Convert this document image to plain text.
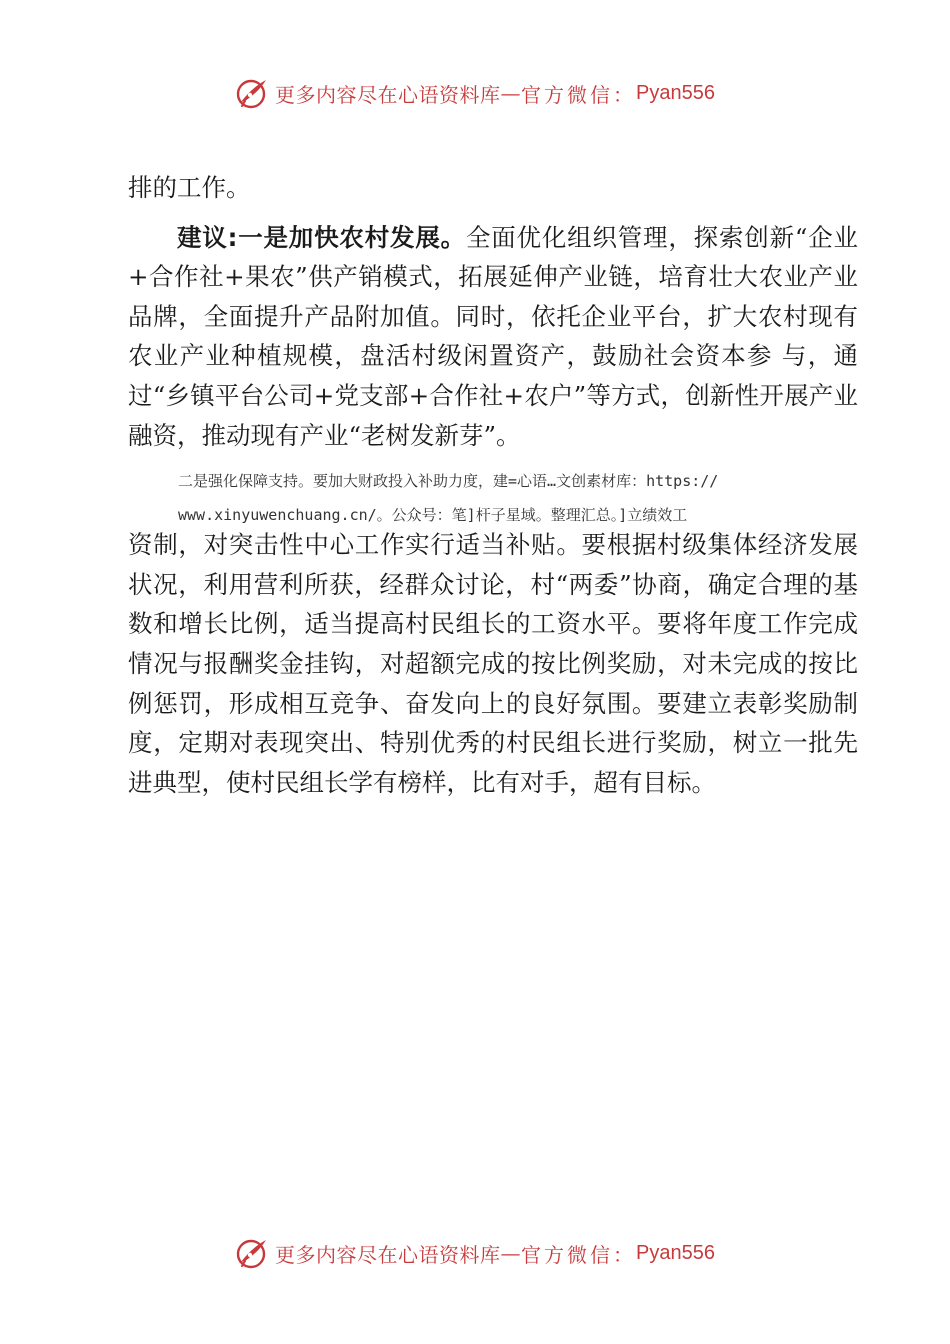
更多内容尽在心语资料库 — 官方微信： Pyan556

排的工作。

建议:一是加快农村发展。全面优化组织管理，探索创新“企业+合作社+果农”供产销模式，拓展延伸产业链，培育壮大农业产业品牌，全面提升产品附加值。同时，依托企业平台，扩大农村现有农业产业种植规模，盘活村级闲置资产，鼓励社会资本参 与，通过“乡镇平台公司+党支部+合作社+农户”等方式，创新性开展产业融资，推动现有产业“老树发新芽”。

二是强化保障支持。要加大财政投入补助力度，建=心语…文创素材库：https://

www.xinyuwenchuang.cn/。公众号：笔]杆子星域。整理汇总。]立绩效工

资制，对突击性中心工作实行适当补贴。要根据村级集体经济发展状况，利用营利所获，经群众讨论，村“两委”协商，确定合理的基数和增长比例，适当提高村民组长的工资水平。要将年度工作完成情况与报酬奖金挂钩，对超额完成的按比例奖励，对未完成的按比例惩罚，形成相互竞争、奋发向上的良好氛围。要建立表彰奖励制度，定期对表现突出、特别优秀的村民组长进行奖励，树立一批先进典型，使村民组长学有榜样，比有对手，超有目标。

更多内容尽在心语资料库 — 官方微信： Pyan556
